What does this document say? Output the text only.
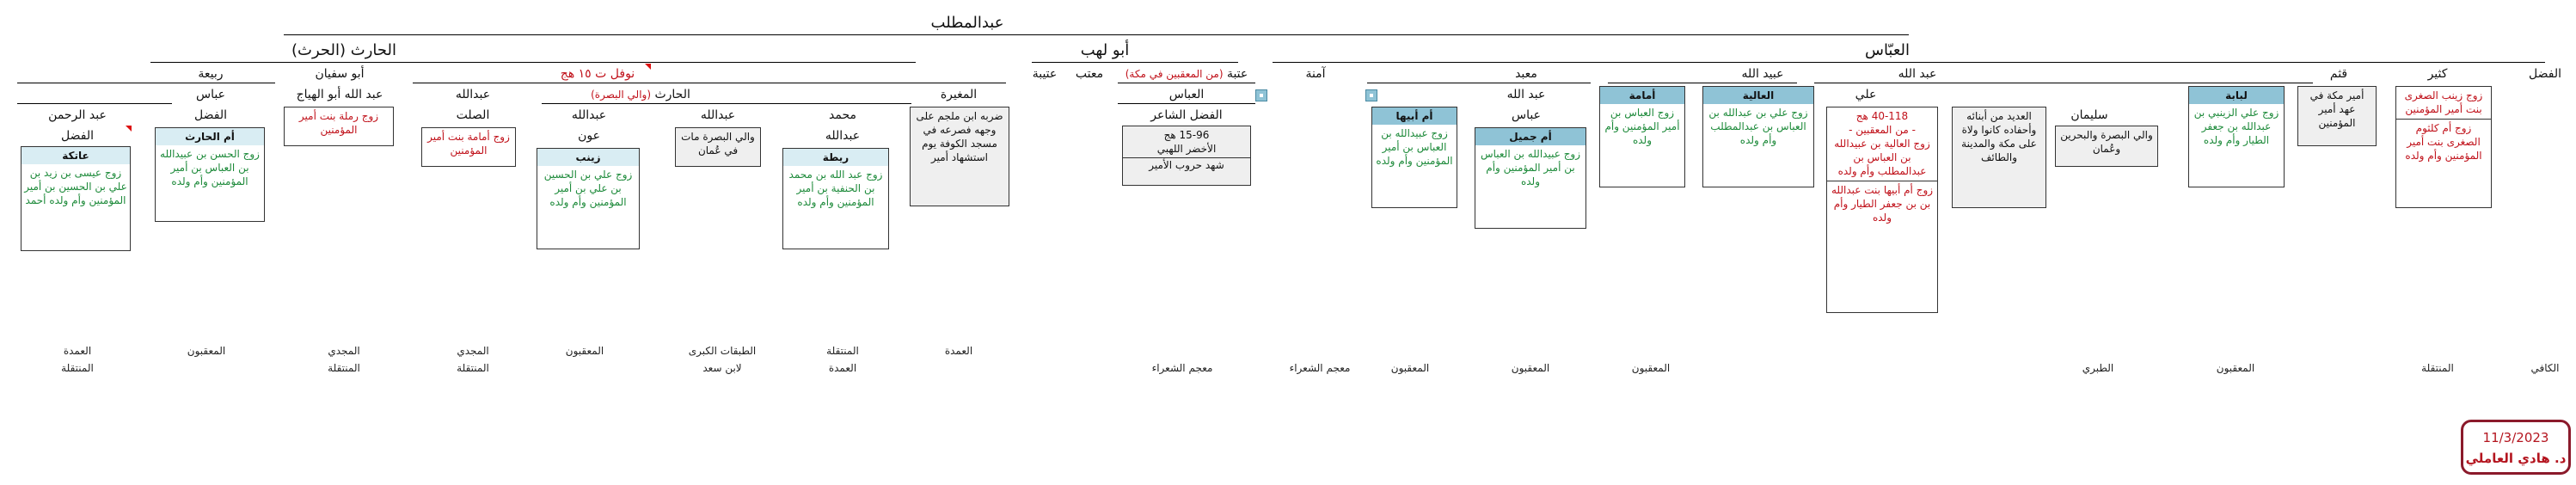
عبدالمطلب
الحارث (الحرث)	أبو لهب	العبّاس
ربيعة	أبو سفيان	نوفل ت ١٥ هج
عباس	عبد الله أبو الهياج	عبدالله	الحارث (والي البصرة)	المغيرة
الفضل
عبد الرحمن	الصلت	عبدالله	عبدالله	محمد
الفضل	عون	عبدالله
عاتكة
زوج عيسى بن زيد بن علي بن الحسين بن أمير المؤمنين وأم ولده أحمد
أم الحارث
زوج الحسن بن عبيدالله بن العباس بن أمير المؤمنين وأم ولده
زوج رملة بنت أمير المؤمنين
زوج أمامة بنت أمير المؤمنين
زينب
زوج علي بن الحسين بن علي بن أمير المؤمنين وأم ولده
والي البصرة مات في عُمان
ريطة
زوج عبد الله بن محمد بن الحنفية بن أمير المؤمنين وأم ولده
ضربه ابن ملجم على وجهه فصرعه في مسجد الكوفة يوم استشهاد أمير
عتبة (من المعقبين في مكة)
معتب
عتيبة
العباس
الفضل الشاعر
15-96 هج
الأخضر اللهبي
شهد حروب الأمير
الفضل
كثير
قثم
عبد الله
عبيد الله
معبد
آمنة
علي
سليمان
عبد الله
عباس
زوج زينب الصغرى بنت أمير المؤمنين
زوج أم كلثوم الصغرى بنت أمير المؤمنين وأم ولده
أمير مكة في عهد أمير المؤمنين
لبابة
زوج علي الزينبي بن عبدالله بن جعفر الطيار وأم ولده
والي البصرة والبحرين وعُمان
العديد من أبنائه وأحفاده كانوا ولاة على مكة والمدينة والطائف
40-118 هج
- من المعقبين -
زوج العالية بن عبيدالله بن العباس بن عبدالمطلب وأم ولده
زوج أم أبيها بنت عبدالله بن بن جعفر الطيار وأم ولده
العالية
زوج علي بن عبدالله بن العباس بن عبدالمطلب وأم ولده
أمامة
زوج العباس بن أمير المؤمنين وأم ولده
أم جميل
زوج عبيدالله بن العباس بن أمير المؤمنين وأم ولده
أم أبيها
زوج عبيدالله بن العباس بن أمير المؤمنين وأم ولده
الكافي
المنتقلة
المعقبون
الطبري
المعقبون
المعقبون
المعقبون
معجم الشعراء
معجم الشعراء
العمدة
المنتقلة
العمدة
الطبقات الكبرى
لابن سعد
المعقبون
المجدي
المنتقلة
المجدي
المنتقلة
المعقبون
العمدة
المنتقلة
11/3/2023
د. هادي العاملي
